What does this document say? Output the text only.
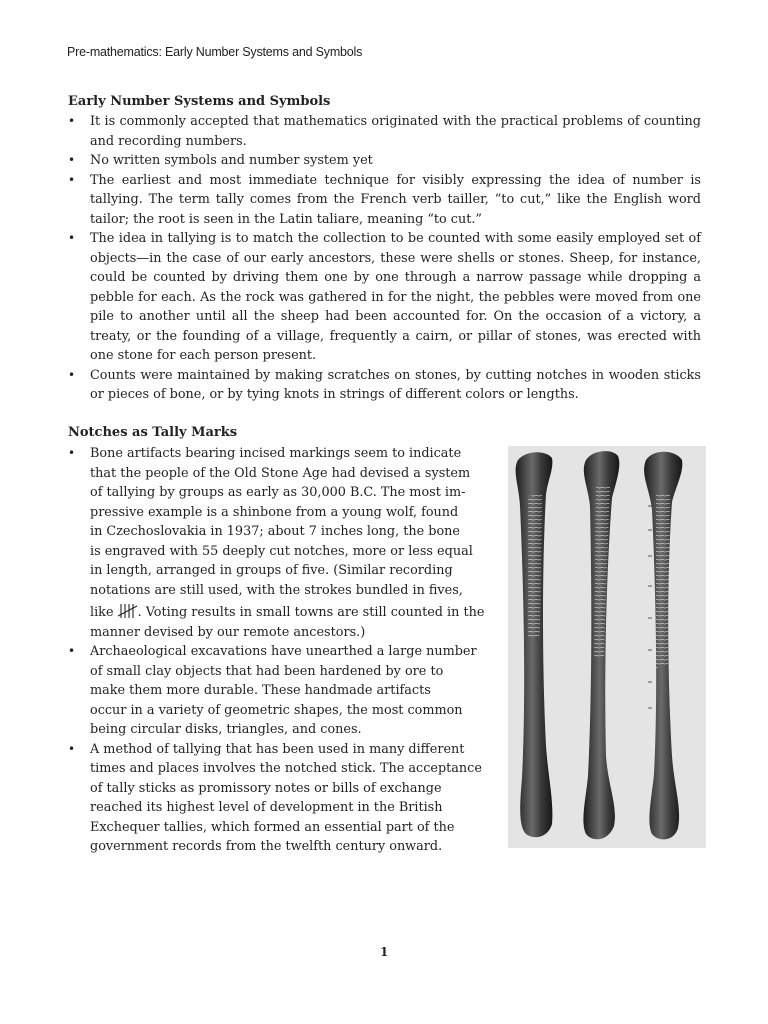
Pre-mathematics: Early Number Systems and Symbols
Early Number Systems and Symbols
• It is commonly accepted that mathematics originated with the practical problems of counting and recording numbers.
• No written symbols and number system yet
• The earliest and most immediate technique for visibly expressing the idea of number is tallying. The term tally comes from the French verb tailler, “to cut,” like the English word tailor; the root is seen in the Latin taliare, meaning “to cut.”
• The idea in tallying is to match the collection to be counted with some easily employed set of objects—in the case of our early ancestors, these were shells or stones. Sheep, for instance, could be counted by driving them one by one through a narrow passage while dropping a pebble for each. As the rock was gathered in for the night, the pebbles were moved from one pile to another until all the sheep had been accounted for. On the occasion of a victory, a treaty, or the founding of a village, frequently a cairn, or pillar of stones, was erected with one stone for each person present.
• Counts were maintained by making scratches on stones, by cutting notches in wooden sticks or pieces of bone, or by tying knots in strings of different colors or lengths.
Notches as Tally Marks
• Bone artifacts bearing incised markings seem to indicate
that the people of the Old Stone Age had devised a system
of tallying by groups as early as 30,000 B.C. The most im-
pressive example is a shinbone from a young wolf, found
in Czechoslovakia in 1937; about 7 inches long, the bone
is engraved with 55 deeply cut notches, more or less equal
in length, arranged in groups of five. (Similar recording
notations are still used, with the strokes bundled in fives,
like . Voting results in small towns are still counted in the
manner devised by our remote ancestors.)
• Archaeological excavations have unearthed a large number
of small clay objects that had been hardened by ore to
make them more durable. These handmade artifacts
occur in a variety of geometric shapes, the most common
being circular disks, triangles, and cones.
• A method of tallying that has been used in many different
times and places involves the notched stick. The acceptance
of tally sticks as promissory notes or bills of exchange
reached its highest level of development in the British
Exchequer tallies, which formed an essential part of the
government records from the twelfth century onward.
1
